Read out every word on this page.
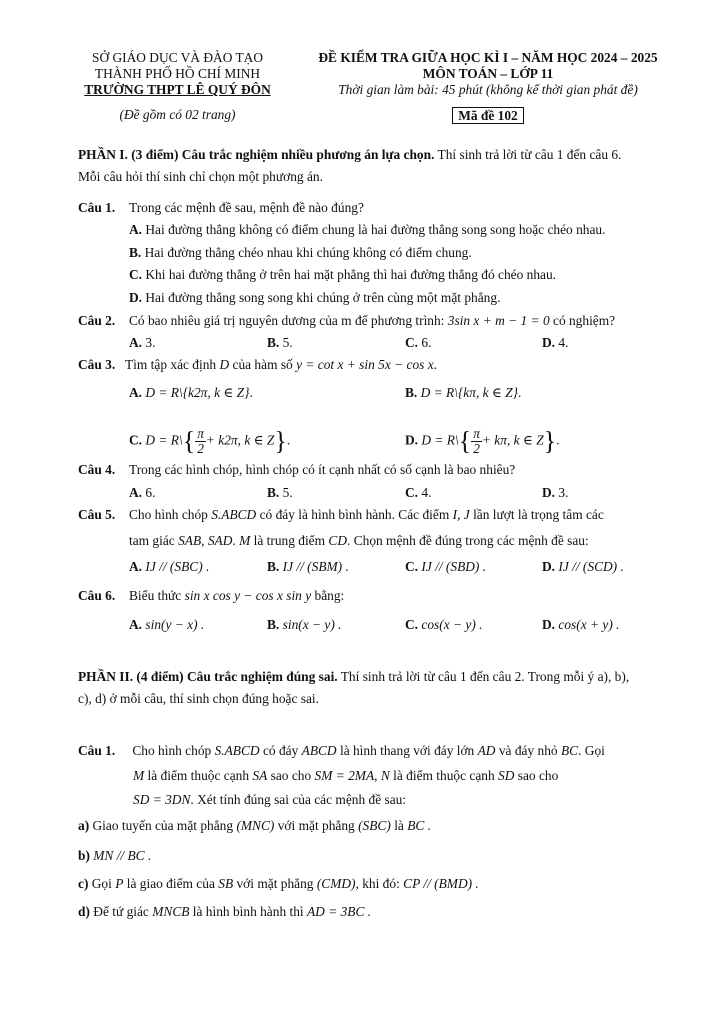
SỞ GIÁO DỤC VÀ ĐÀO TẠO
THÀNH PHỐ HỒ CHÍ MINH
TRƯỜNG THPT LÊ QUÝ ĐÔN
(Đề gồm có 02 trang)
ĐỀ KIỂM TRA GIỮA HỌC KÌ I – NĂM HỌC 2024 – 2025
MÔN TOÁN – LỚP 11
Thời gian làm bài: 45 phút (không kể thời gian phát đề)
Mã đề 102
PHẦN I. (3 điểm) Câu trắc nghiệm nhiều phương án lựa chọn. Thí sinh trả lời từ câu 1 đến câu 6.
Mỗi câu hỏi thí sinh chỉ chọn một phương án.
Câu 1. Trong các mệnh đề sau, mệnh đề nào đúng?
A. Hai đường thẳng không có điểm chung là hai đường thẳng song song hoặc chéo nhau.
B. Hai đường thẳng chéo nhau khi chúng không có điểm chung.
C. Khi hai đường thẳng ở trên hai mặt phẳng thì hai đường thẳng đó chéo nhau.
D. Hai đường thẳng song song khi chúng ở trên cùng một mặt phẳng.
Câu 2. Có bao nhiêu giá trị nguyên dương của m để phương trình: 3sin x + m − 1 = 0 có nghiệm?
A. 3.	B. 5.	C. 6.	D. 4.
Câu 3. Tìm tập xác định D của hàm số y = cot x + sin 5x − cos x.
A. D = R\{k2π, k ∈ Z}.	B. D = R\{kπ, k ∈ Z}.
C. D = R\{ $\frac{\pi}{2} + k2\pi$, k ∈ Z}.	D. D = R\{ $\frac{\pi}{2} + k\pi$, k ∈ Z}.
Câu 4. Trong các hình chóp, hình chóp có ít cạnh nhất có số cạnh là bao nhiêu?
A. 6.	B. 5.	C. 4.	D. 3.
Câu 5. Cho hình chóp S.ABCD có đáy là hình bình hành. Các điểm I, J lần lượt là trọng tâm các
tam giác SAB, SAD. M là trung điểm CD. Chọn mệnh đề đúng trong các mệnh đề sau:
A. IJ // (SBC) .	B. IJ // (SBM) .	C. IJ // (SBD) .	D. IJ // (SCD) .
Câu 6. Biểu thức sin x cos y − cos x sin y bằng:
A. sin(y − x) .	B. sin(x − y) .	C. cos(x − y) .	D. cos(x + y) .
PHẦN II. (4 điểm) Câu trắc nghiệm đúng sai. Thí sinh trả lời từ câu 1 đến câu 2. Trong mỗi ý a), b),
c), d) ở mỗi câu, thí sinh chọn đúng hoặc sai.
Câu 1. Cho hình chóp S.ABCD có đáy ABCD là hình thang với đáy lớn AD và đáy nhỏ BC. Gọi
M là điểm thuộc cạnh SA sao cho SM = 2MA, N là điểm thuộc cạnh SD sao cho
SD = 3DN. Xét tính đúng sai của các mệnh đề sau:
a) Giao tuyến của mặt phẳng (MNC) với mặt phẳng (SBC) là BC .
b) MN // BC .
c) Gọi P là giao điểm của SB với mặt phẳng (CMD), khi đó: CP // (BMD) .
d) Để tứ giác MNCB là hình bình hành thì AD = 3BC .
